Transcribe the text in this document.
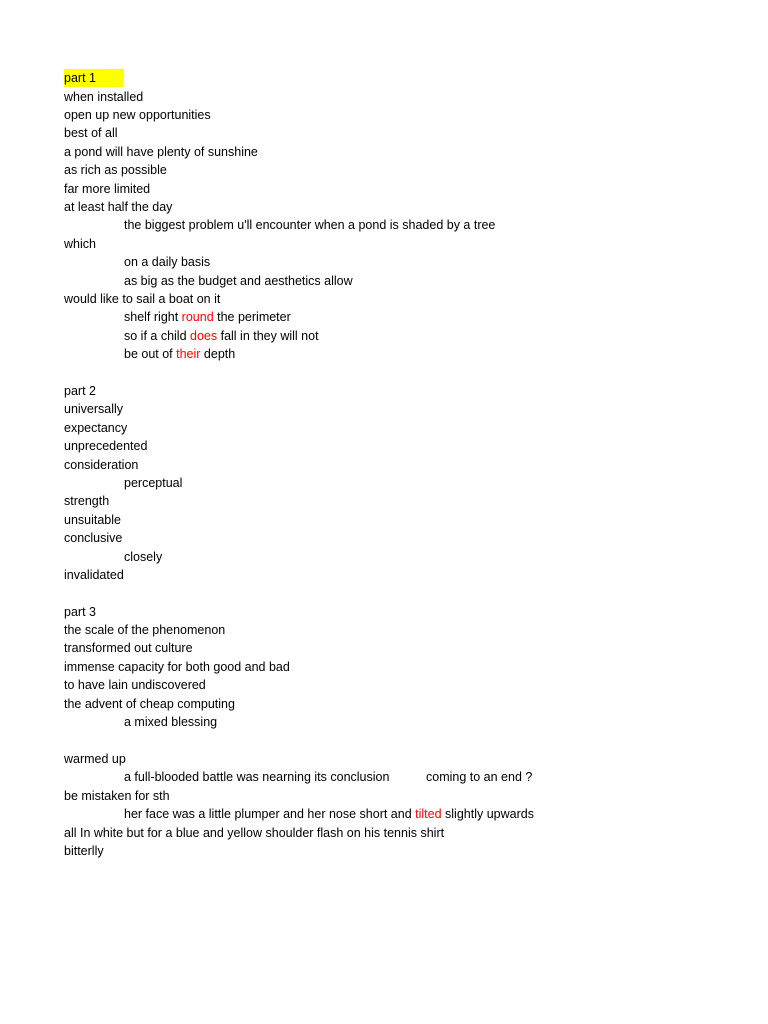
part 1
when installed
open up new opportunities
best of all
a pond will have plenty of sunshine
as rich as possible
far more limited
at least half the day
the biggest problem u'll encounter when a pond is shaded by a tree
which
on a daily basis
as big as the budget and aesthetics allow
would like to sail a boat on it
shelf right round the perimeter
so if a child does fall in they will not
be out of their depth
part 2
universally
expectancy
unprecedented
consideration
perceptual
strength
unsuitable
conclusive
closely
invalidated
part 3
the scale of the phenomenon
transformed out culture
immense capacity for both good and bad
to have lain undiscovered
the advent of cheap computing
a mixed blessing
warmed up
a full-blooded battle was nearning its conclusion	coming to an end ?
be mistaken for sth
her face was a little plumper and her nose short and tilted slightly upwards
all In white but for a blue and yellow shoulder flash on his tennis shirt
bitterlly
